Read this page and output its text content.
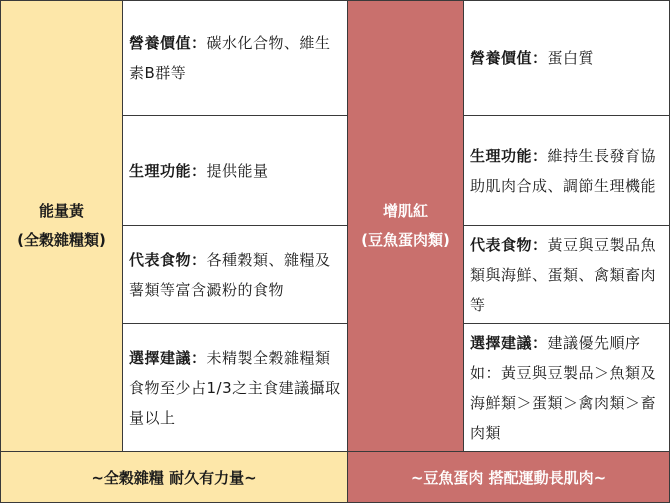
能量黃
(全穀雜糧類)

營養價值：碳水化合物、維生素B群等

生理功能：提供能量

代表食物：各種穀類、雜糧及薯類等富含澱粉的食物

選擇建議：未精製全穀雜糧類食物至少占1/3之主食建議攝取量以上

增肌紅
(豆魚蛋肉類)

營養價值：蛋白質

生理功能：維持生長發育協助肌肉合成、調節生理機能

代表食物：黃豆與豆製品魚類與海鮮、蛋類、禽類畜肉等

選擇建議：建議優先順序如：黃豆與豆製品＞魚類及海鮮類＞蛋類＞禽肉類＞畜肉類

~全穀雜糧 耐久有力量~	~豆魚蛋肉 搭配運動長肌肉~
